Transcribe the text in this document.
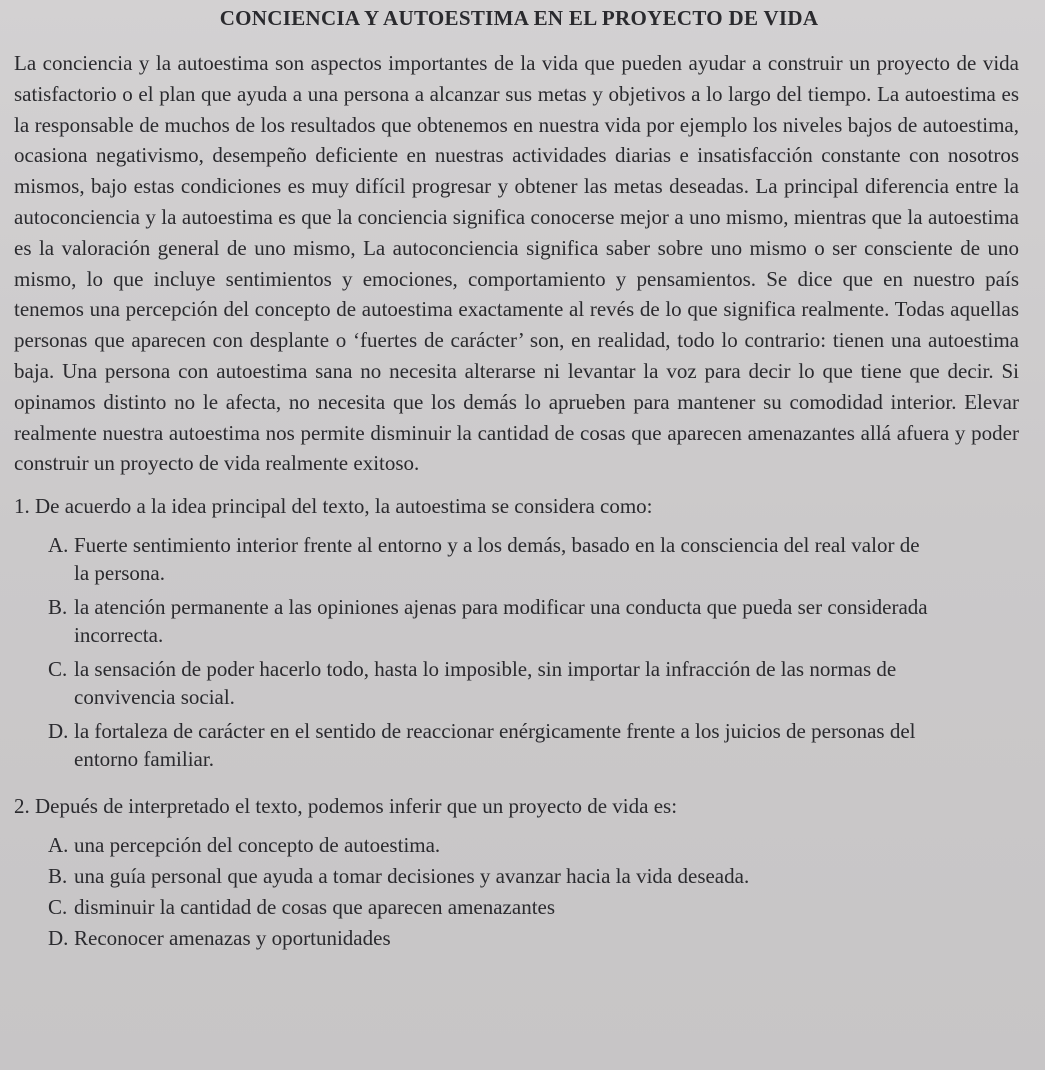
CONCIENCIA Y AUTOESTIMA EN EL PROYECTO DE VIDA

La conciencia y la autoestima son aspectos importantes de la vida que pueden ayudar a construir un proyecto de vida satisfactorio o el plan que ayuda a una persona a alcanzar sus metas y objetivos a lo largo del tiempo. La autoestima es la responsable de muchos de los resultados que obtenemos en nuestra vida por ejemplo los niveles bajos de autoestima, ocasiona negativismo, desempeño deficiente en nuestras actividades diarias e insatisfacción constante con nosotros mismos, bajo estas condiciones es muy difícil progresar y obtener las metas deseadas. La principal diferencia entre la autoconciencia y la autoestima es que la conciencia significa conocerse mejor a uno mismo, mientras que la autoestima es la valoración general de uno mismo, La autoconciencia significa saber sobre uno mismo o ser consciente de uno mismo, lo que incluye sentimientos y emociones, comportamiento y pensamientos. Se dice que en nuestro país tenemos una percepción del concepto de autoestima exactamente al revés de lo que significa realmente. Todas aquellas personas que aparecen con desplante o ‘fuertes de carácter’ son, en realidad, todo lo contrario: tienen una autoestima baja. Una persona con autoestima sana no necesita alterarse ni levantar la voz para decir lo que tiene que decir. Si opinamos distinto no le afecta, no necesita que los demás lo aprueben para mantener su comodidad interior. Elevar realmente nuestra autoestima nos permite disminuir la cantidad de cosas que aparecen amenazantes allá afuera y poder construir un proyecto de vida realmente exitoso.

1. De acuerdo a la idea principal del texto, la autoestima se considera como:
A. Fuerte sentimiento interior frente al entorno y a los demás, basado en la consciencia del real valor de la persona.
B. la atención permanente a las opiniones ajenas para modificar una conducta que pueda ser considerada incorrecta.
C. la sensación de poder hacerlo todo, hasta lo imposible, sin importar la infracción de las normas de convivencia social.
D. la fortaleza de carácter en el sentido de reaccionar enérgicamente frente a los juicios de personas del entorno familiar.
2. Depués de interpretado el texto, podemos inferir que un proyecto de vida es:
A. una percepción del concepto de autoestima.
B. una guía personal que ayuda a tomar decisiones y avanzar hacia la vida deseada.
C. disminuir la cantidad de cosas que aparecen amenazantes
D. Reconocer amenazas y oportunidades
